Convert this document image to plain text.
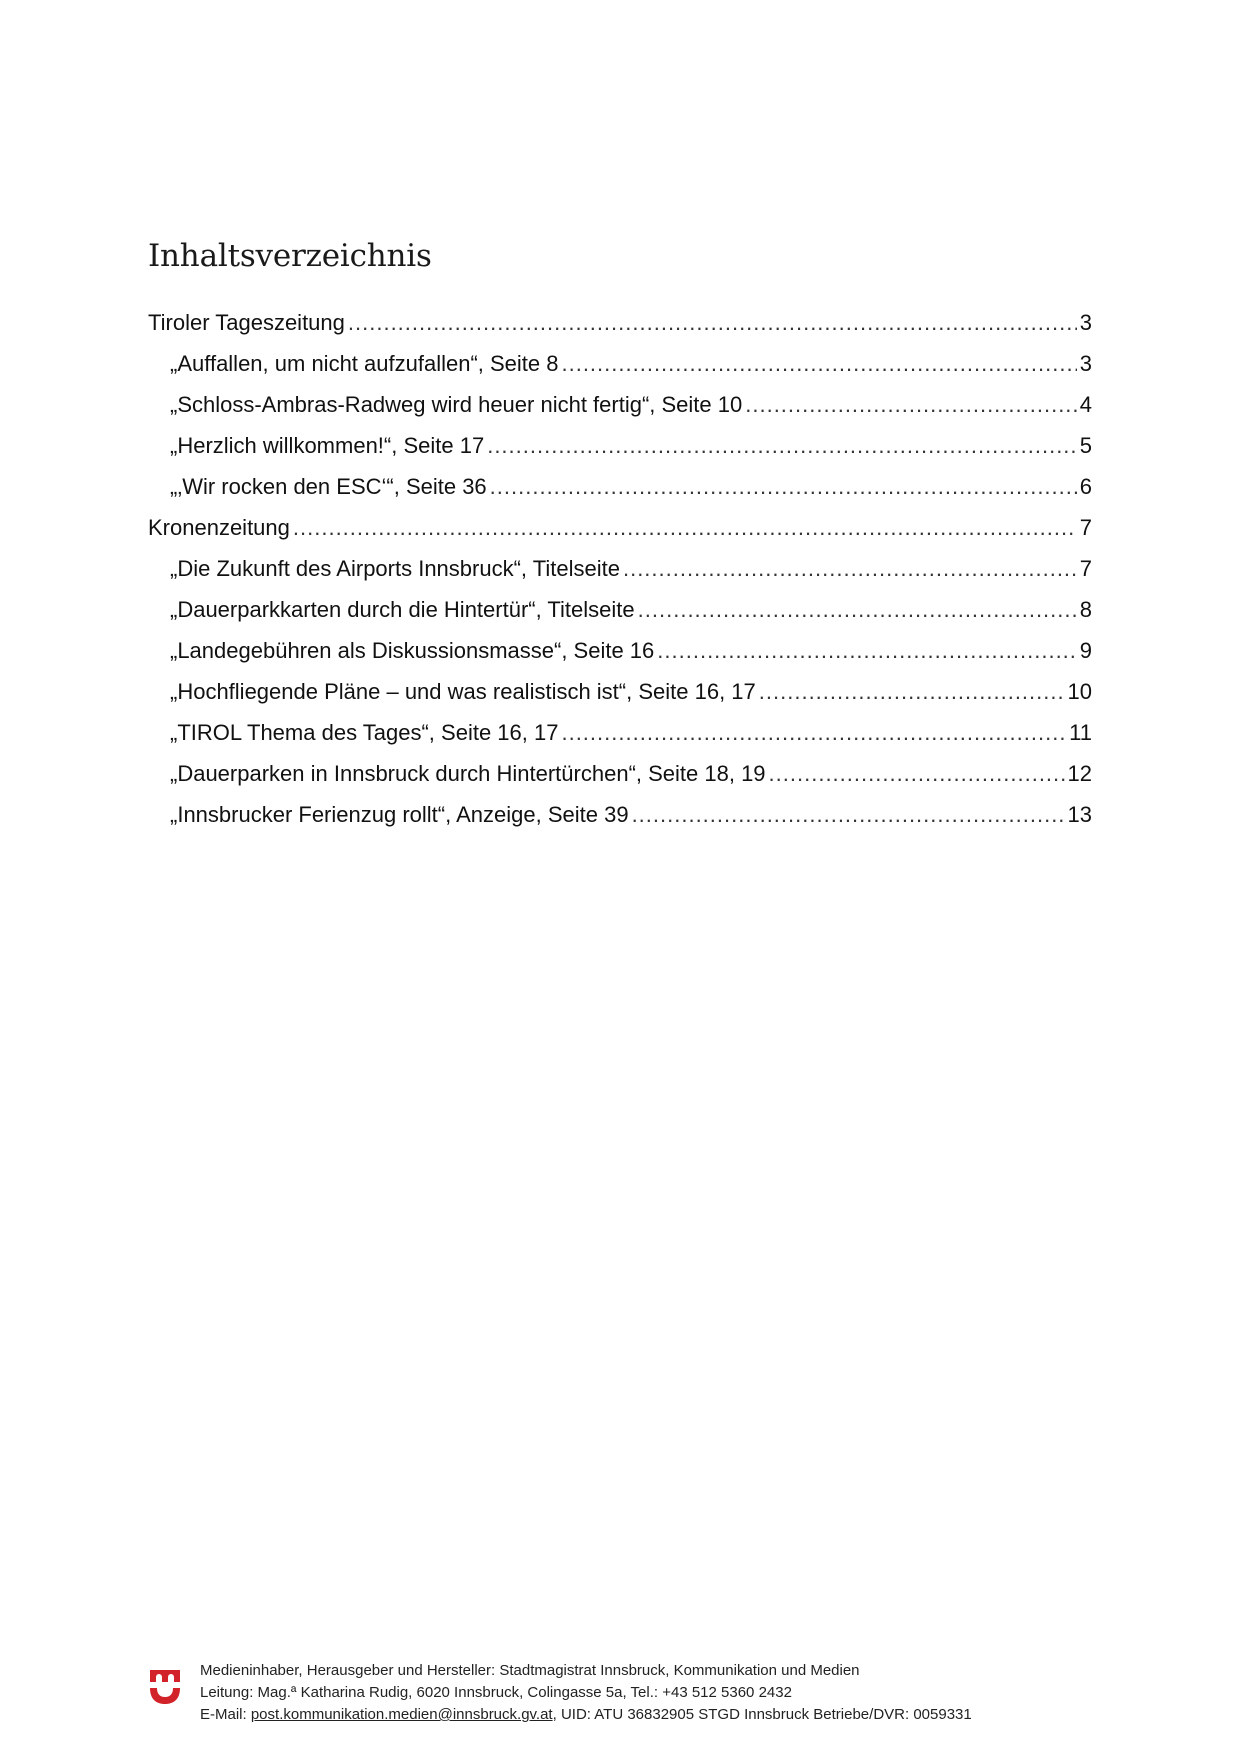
Inhaltsverzeichnis
Tiroler Tageszeitung .....	3
„Auffallen, um nicht aufzufallen“, Seite 8 .....	3
„Schloss-Ambras-Radweg wird heuer nicht fertig“, Seite 10 .....	4
„Herzlich willkommen!“, Seite 17 .....	5
„‚Wir rocken den ESC‘“, Seite 36 .....	6
Kronenzeitung .....	7
„Die Zukunft des Airports Innsbruck“, Titelseite .....	7
„Dauerparkkarten durch die Hintertür“, Titelseite .....	8
„Landegebühren als Diskussionsmasse“, Seite 16 .....	9
„Hochfliegende Pläne – und was realistisch ist“, Seite 16, 17 .....	10
„TIROL Thema des Tages“, Seite 16, 17 .....	11
„Dauerparken in Innsbruck durch Hintertürchen“, Seite 18, 19 .....	12
„Innsbrucker Ferienzug rollt“, Anzeige, Seite 39 .....	13
Medieninhaber, Herausgeber und Hersteller: Stadtmagistrat Innsbruck, Kommunikation und Medien
Leitung: Mag.ª Katharina Rudig, 6020 Innsbruck, Colingasse 5a, Tel.: +43 512 5360 2432
E-Mail: post.kommunikation.medien@innsbruck.gv.at, UID: ATU 36832905 STGD Innsbruck Betriebe/DVR: 0059331
